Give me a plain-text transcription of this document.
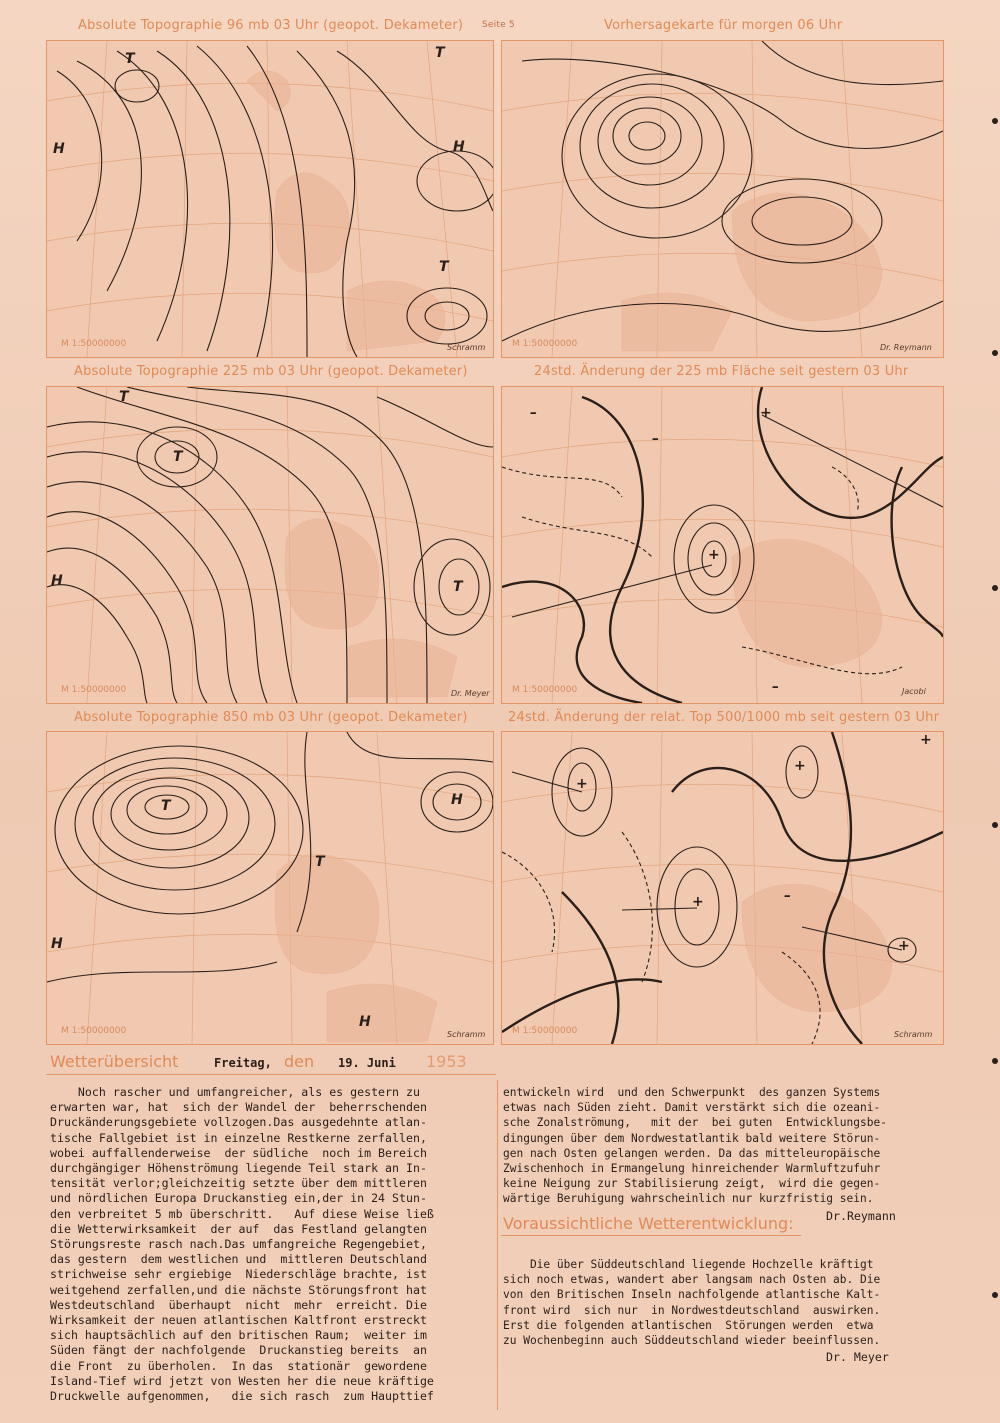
Absolute Topographie 96 mb 03 Uhr (geopot. Dekameter) Seite 5	Vorhersagekarte für morgen 06 Uhr
T	T
H	H
T
M 1:50000000	Schramm	M 1:50000000	Dr. Reymann
Absolute Topographie 225 mb 03 Uhr (geopot. Dekameter)	24std. Änderung der 225 mb Fläche seit gestern 03 Uhr
T
T
H	T
M 1:50000000	Dr. Meyer
+
+
–
–
–
M 1:50000000	Jacobi
Absolute Topographie 850 mb 03 Uhr (geopot. Dekameter)	24std. Änderung der relat. Top 500/1000 mb seit gestern 03 Uhr
T	H
T
H
H
M 1:50000000	Schramm
+
+
+
+
+
–
M 1:50000000	Schramm
Wetterübersicht	Freitag, den 19. Juni 1953
Noch rascher und umfangreicher, als es gestern zu
erwarten war, hat  sich der Wandel der  beherrschenden
Druckänderungsgebiete vollzogen.Das ausgedehnte atlan-
tische Fallgebiet ist in einzelne Restkerne zerfallen,
wobei auffallenderweise  der südliche  noch im Bereich
durchgängiger Höhenströmung liegende Teil stark an In-
tensität verlor;gleichzeitig setzte über dem mittleren
und nördlichen Europa Druckanstieg ein,der in 24 Stun-
den verbreitet 5 mb überschritt.   Auf diese Weise ließ
die Wetterwirksamkeit  der auf  das Festland gelangten
Störungsreste rasch nach.Das umfangreiche Regengebiet,
das gestern  dem westlichen und  mittleren Deutschland
strichweise sehr ergiebige  Niederschläge brachte, ist
weitgehend zerfallen,und die nächste Störungsfront hat
Westdeutschland  überhaupt  nicht  mehr  erreicht. Die
Wirksamkeit der neuen atlantischen Kaltfront erstreckt
sich hauptsächlich auf den britischen Raum;  weiter im
Süden fängt der nachfolgende  Druckanstieg bereits  an
die Front  zu überholen.  In das  stationär  gewordene
Island-Tief wird jetzt von Westen her die neue kräftige
Druckwelle aufgenommen,   die sich rasch  zum Haupttief
entwickeln wird  und den Schwerpunkt  des ganzen Systems
etwas nach Süden zieht. Damit verstärkt sich die ozeani-
sche Zonalströmung,   mit der  bei guten  Entwicklungsbe-
dingungen über dem Nordwestatlantik bald weitere Störun-
gen nach Osten gelangen werden. Da das mitteleuropäische
Zwischenhoch in Ermangelung hinreichender Warmluftzufuhr
keine Neigung zur Stabilisierung zeigt,  wird die gegen-
wärtige Beruhigung wahrscheinlich nur kurzfristig sein.
Dr.Reymann
Voraussichtliche Wetterentwicklung:
Die über Süddeutschland liegende Hochzelle kräftigt
sich noch etwas, wandert aber langsam nach Osten ab. Die
von den Britischen Inseln nachfolgende atlantische Kalt-
front wird  sich nur  in Nordwestdeutschland  auswirken.
Erst die folgenden atlantischen  Störungen werden  etwa
zu Wochenbeginn auch Süddeutschland wieder beeinflussen.
Dr. Meyer
